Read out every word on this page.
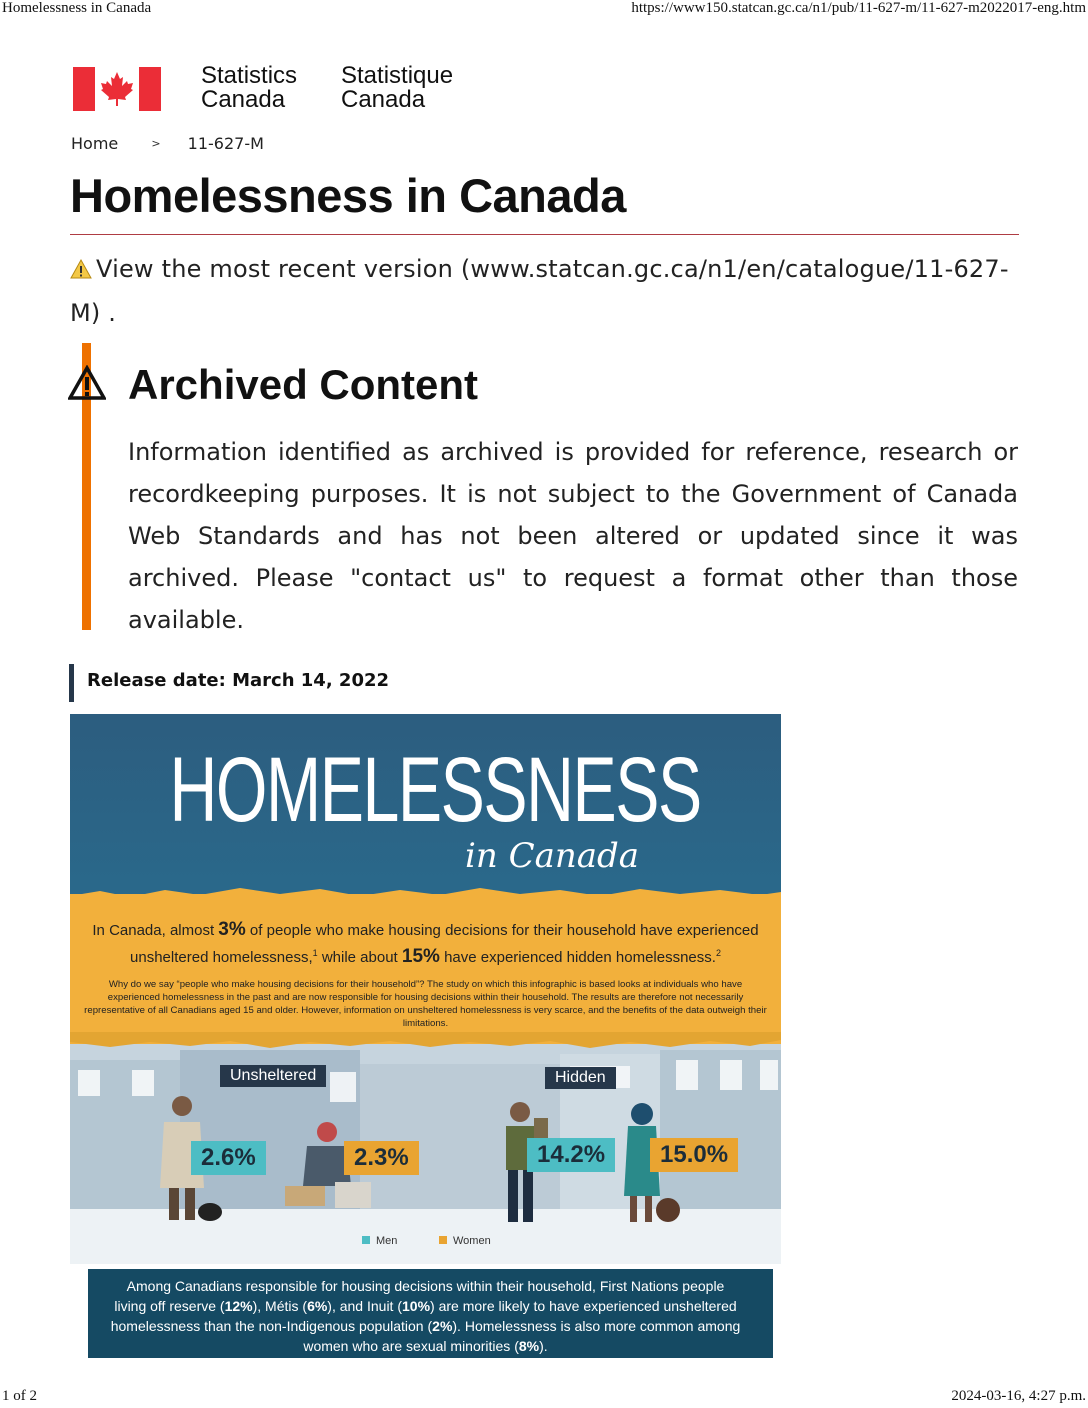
Homelessness in Canada	https://www150.statcan.gc.ca/n1/pub/11-627-m/11-627-m2022017-eng.htm
Statistics
Canada
Statistique
Canada
Home	> 11-627-M
Homelessness in Canada
View the most recent version (www.statcan.gc.ca/n1/en/catalogue/11-627-M) .
Archived Content

Information identified as archived is provided for reference, research or recordkeeping purposes. It is not subject to the Government of Canada Web Standards and has not been altered or updated since it was archived. Please "contact us" to request a format other than those available.

Release date: March 14, 2022
HOMELESSNESS
in Canada
In Canada, almost 3% of people who make housing decisions for their household have experienced unsheltered homelessness,$^1$ while about 15% have experienced hidden homelessness.$^2$
Why do we say “people who make housing decisions for their household”? The study on which this infographic is based looks at individuals who have experienced homelessness in the past and are now responsible for housing decisions within their household. The results are therefore not necessarily representative of all Canadians aged 15 and older. However, information on unsheltered homelessness is very scarce, and the benefits of the data outweigh their limitations.
Unsheltered	Hidden
2.6%	2.3%	14.2%	15.0%
Men	Women
Among Canadians responsible for housing decisions within their household, First Nations people living off reserve (12%), Métis (6%), and Inuit (10%) are more likely to have experienced unsheltered homelessness than the non-Indigenous population (2%). Homelessness is also more common among women who are sexual minorities (8%).
1 of 2	2024-03-16, 4:27 p.m.
